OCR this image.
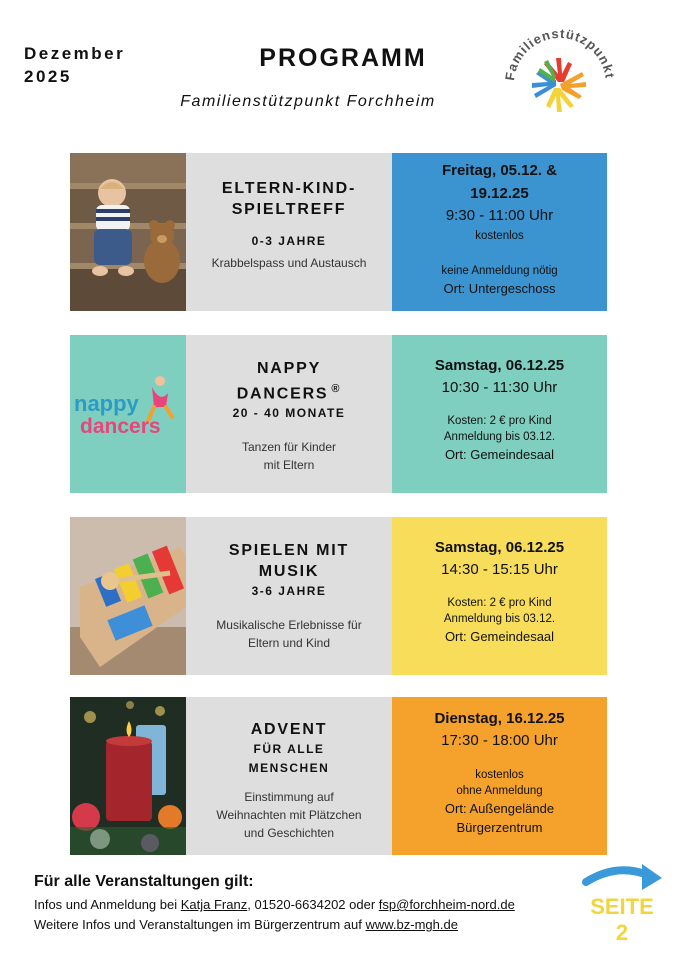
Dezember
2025
PROGRAMM
Familienstützpunkt Forchheim
Familienstützpunkt
ELTERN-KIND-
SPIELTREFF
0-3 JAHRE
Krabbelspass und Austausch
Freitag, 05.12. &
19.12.25
9:30 - 11:00 Uhr
kostenlos
keine Anmeldung nötig
Ort: Untergeschoss
nappy
dancers
NAPPY
DANCERS ®
20 - 40 MONATE
Tanzen für Kinder
mit Eltern
Samstag, 06.12.25
10:30 - 11:30 Uhr
Kosten: 2 € pro Kind
Anmeldung bis 03.12.
Ort: Gemeindesaal
SPIELEN MIT
MUSIK
3-6 JAHRE
Musikalische Erlebnisse für
Eltern und Kind
Samstag, 06.12.25
14:30 - 15:15 Uhr
Kosten: 2 € pro Kind
Anmeldung bis 03.12.
Ort: Gemeindesaal
ADVENT
FÜR ALLE
MENSCHEN
Einstimmung auf
Weihnachten mit Plätzchen
und Geschichten
Dienstag, 16.12.25
17:30 - 18:00 Uhr
kostenlos
ohne Anmeldung
Ort: Außengelände
Bürgerzentrum
Für alle Veranstaltungen gilt:
Infos und Anmeldung bei Katja Franz, 01520-6634202 oder fsp@forchheim-nord.de
Weitere Infos und Veranstaltungen im Bürgerzentrum auf www.bz-mgh.de
SEITE
2
